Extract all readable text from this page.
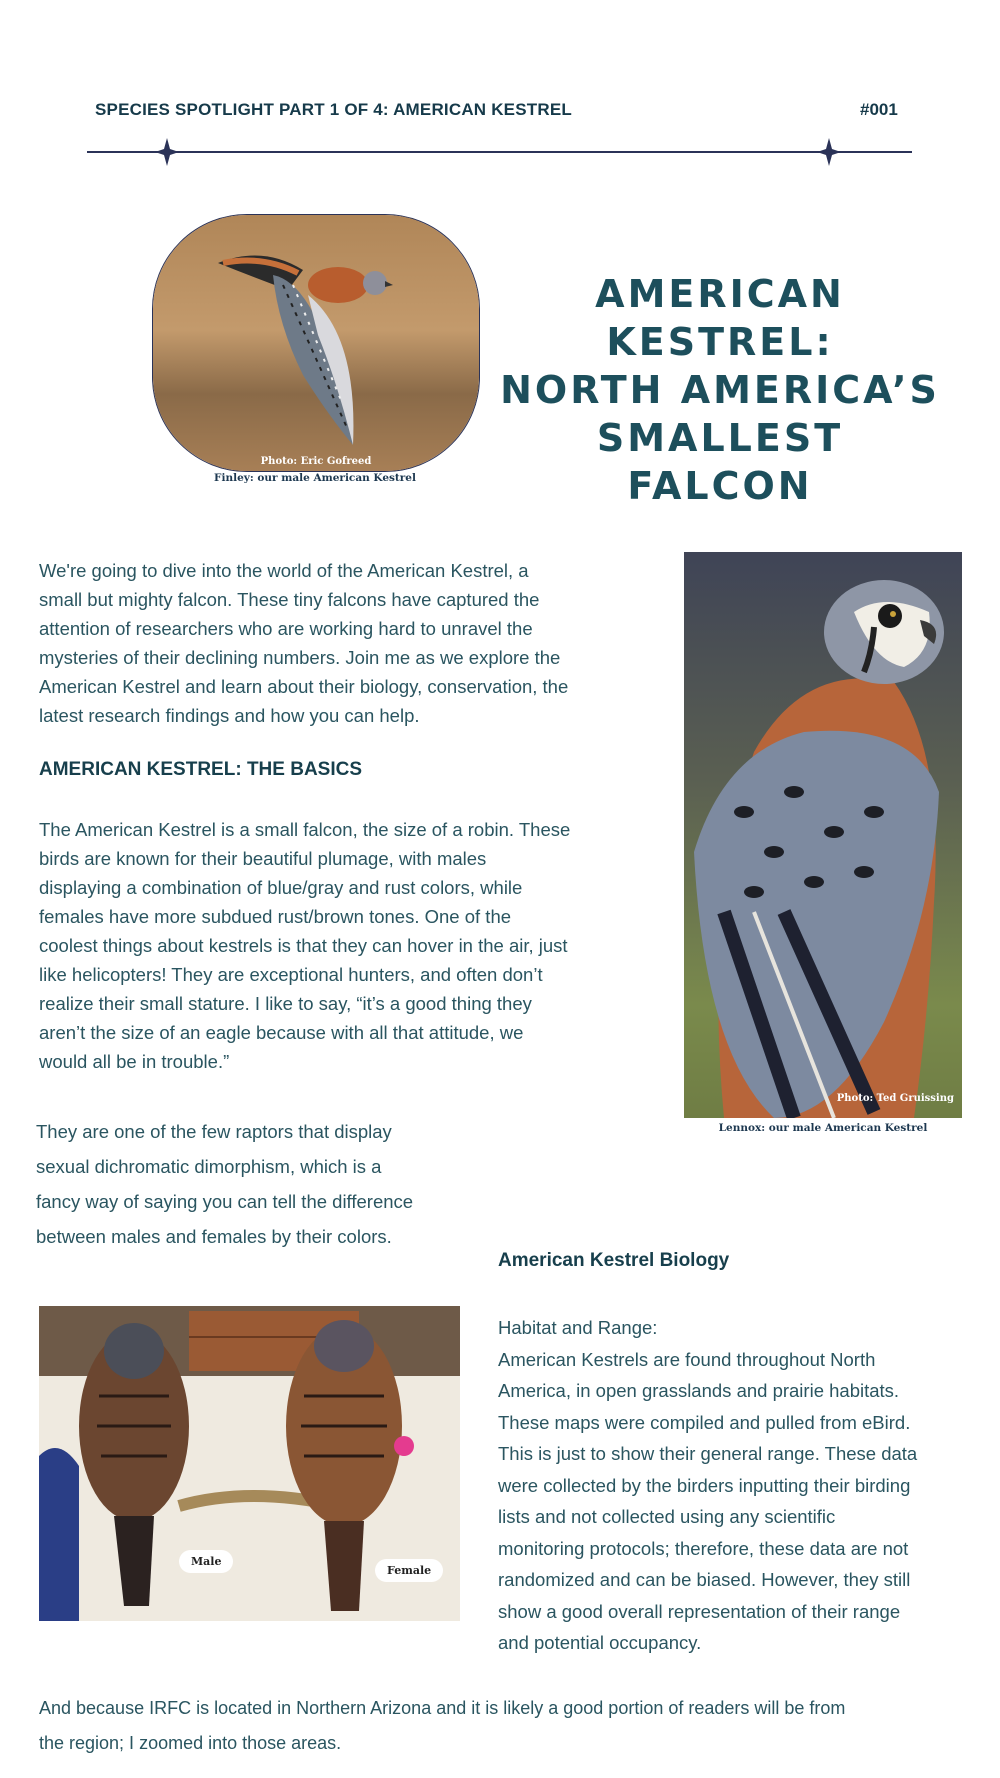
SPECIES SPOTLIGHT PART 1 OF 4: AMERICAN KESTREL	#001
Photo: Eric Gofreed
Finley: our male American Kestrel
AMERICAN KESTREL:
NORTH AMERICA’S
SMALLEST FALCON
We're going to dive into the world of the American Kestrel, a
small but mighty falcon. These tiny falcons have captured the
attention of researchers who are working hard to unravel the
mysteries of their declining numbers. Join me as we explore the
American Kestrel and learn about their biology, conservation, the
latest research findings and how you can help.
AMERICAN KESTREL: THE BASICS
The American Kestrel is a small falcon, the size of a robin. These
birds are known for their beautiful plumage, with males
displaying a combination of blue/gray and rust colors, while
females have more subdued rust/brown tones. One of the
coolest things about kestrels is that they can hover in the air, just
like helicopters! They are exceptional hunters, and often don’t
realize their small stature. I like to say, “it’s a good thing they
aren’t the size of an eagle because with all that attitude, we
would all be in trouble.”
Photo: Ted Gruissing
Lennox: our male American Kestrel
They are one of the few raptors that display
sexual dichromatic dimorphism, which is a
fancy way of saying you can tell the difference
between males and females by their colors.
Male
Female
American Kestrel Biology
Habitat and Range:
American Kestrels are found throughout North
America, in open grasslands and prairie habitats.
These maps were compiled and pulled from eBird.
This is just to show their general range. These data
were collected by the birders inputting their birding
lists and not collected using any scientific
monitoring protocols; therefore, these data are not
randomized and can be biased. However, they still
show a good overall representation of their range
and potential occupancy.
And because IRFC is located in Northern Arizona and it is likely a good portion of readers will be from
the region; I zoomed into those areas.
